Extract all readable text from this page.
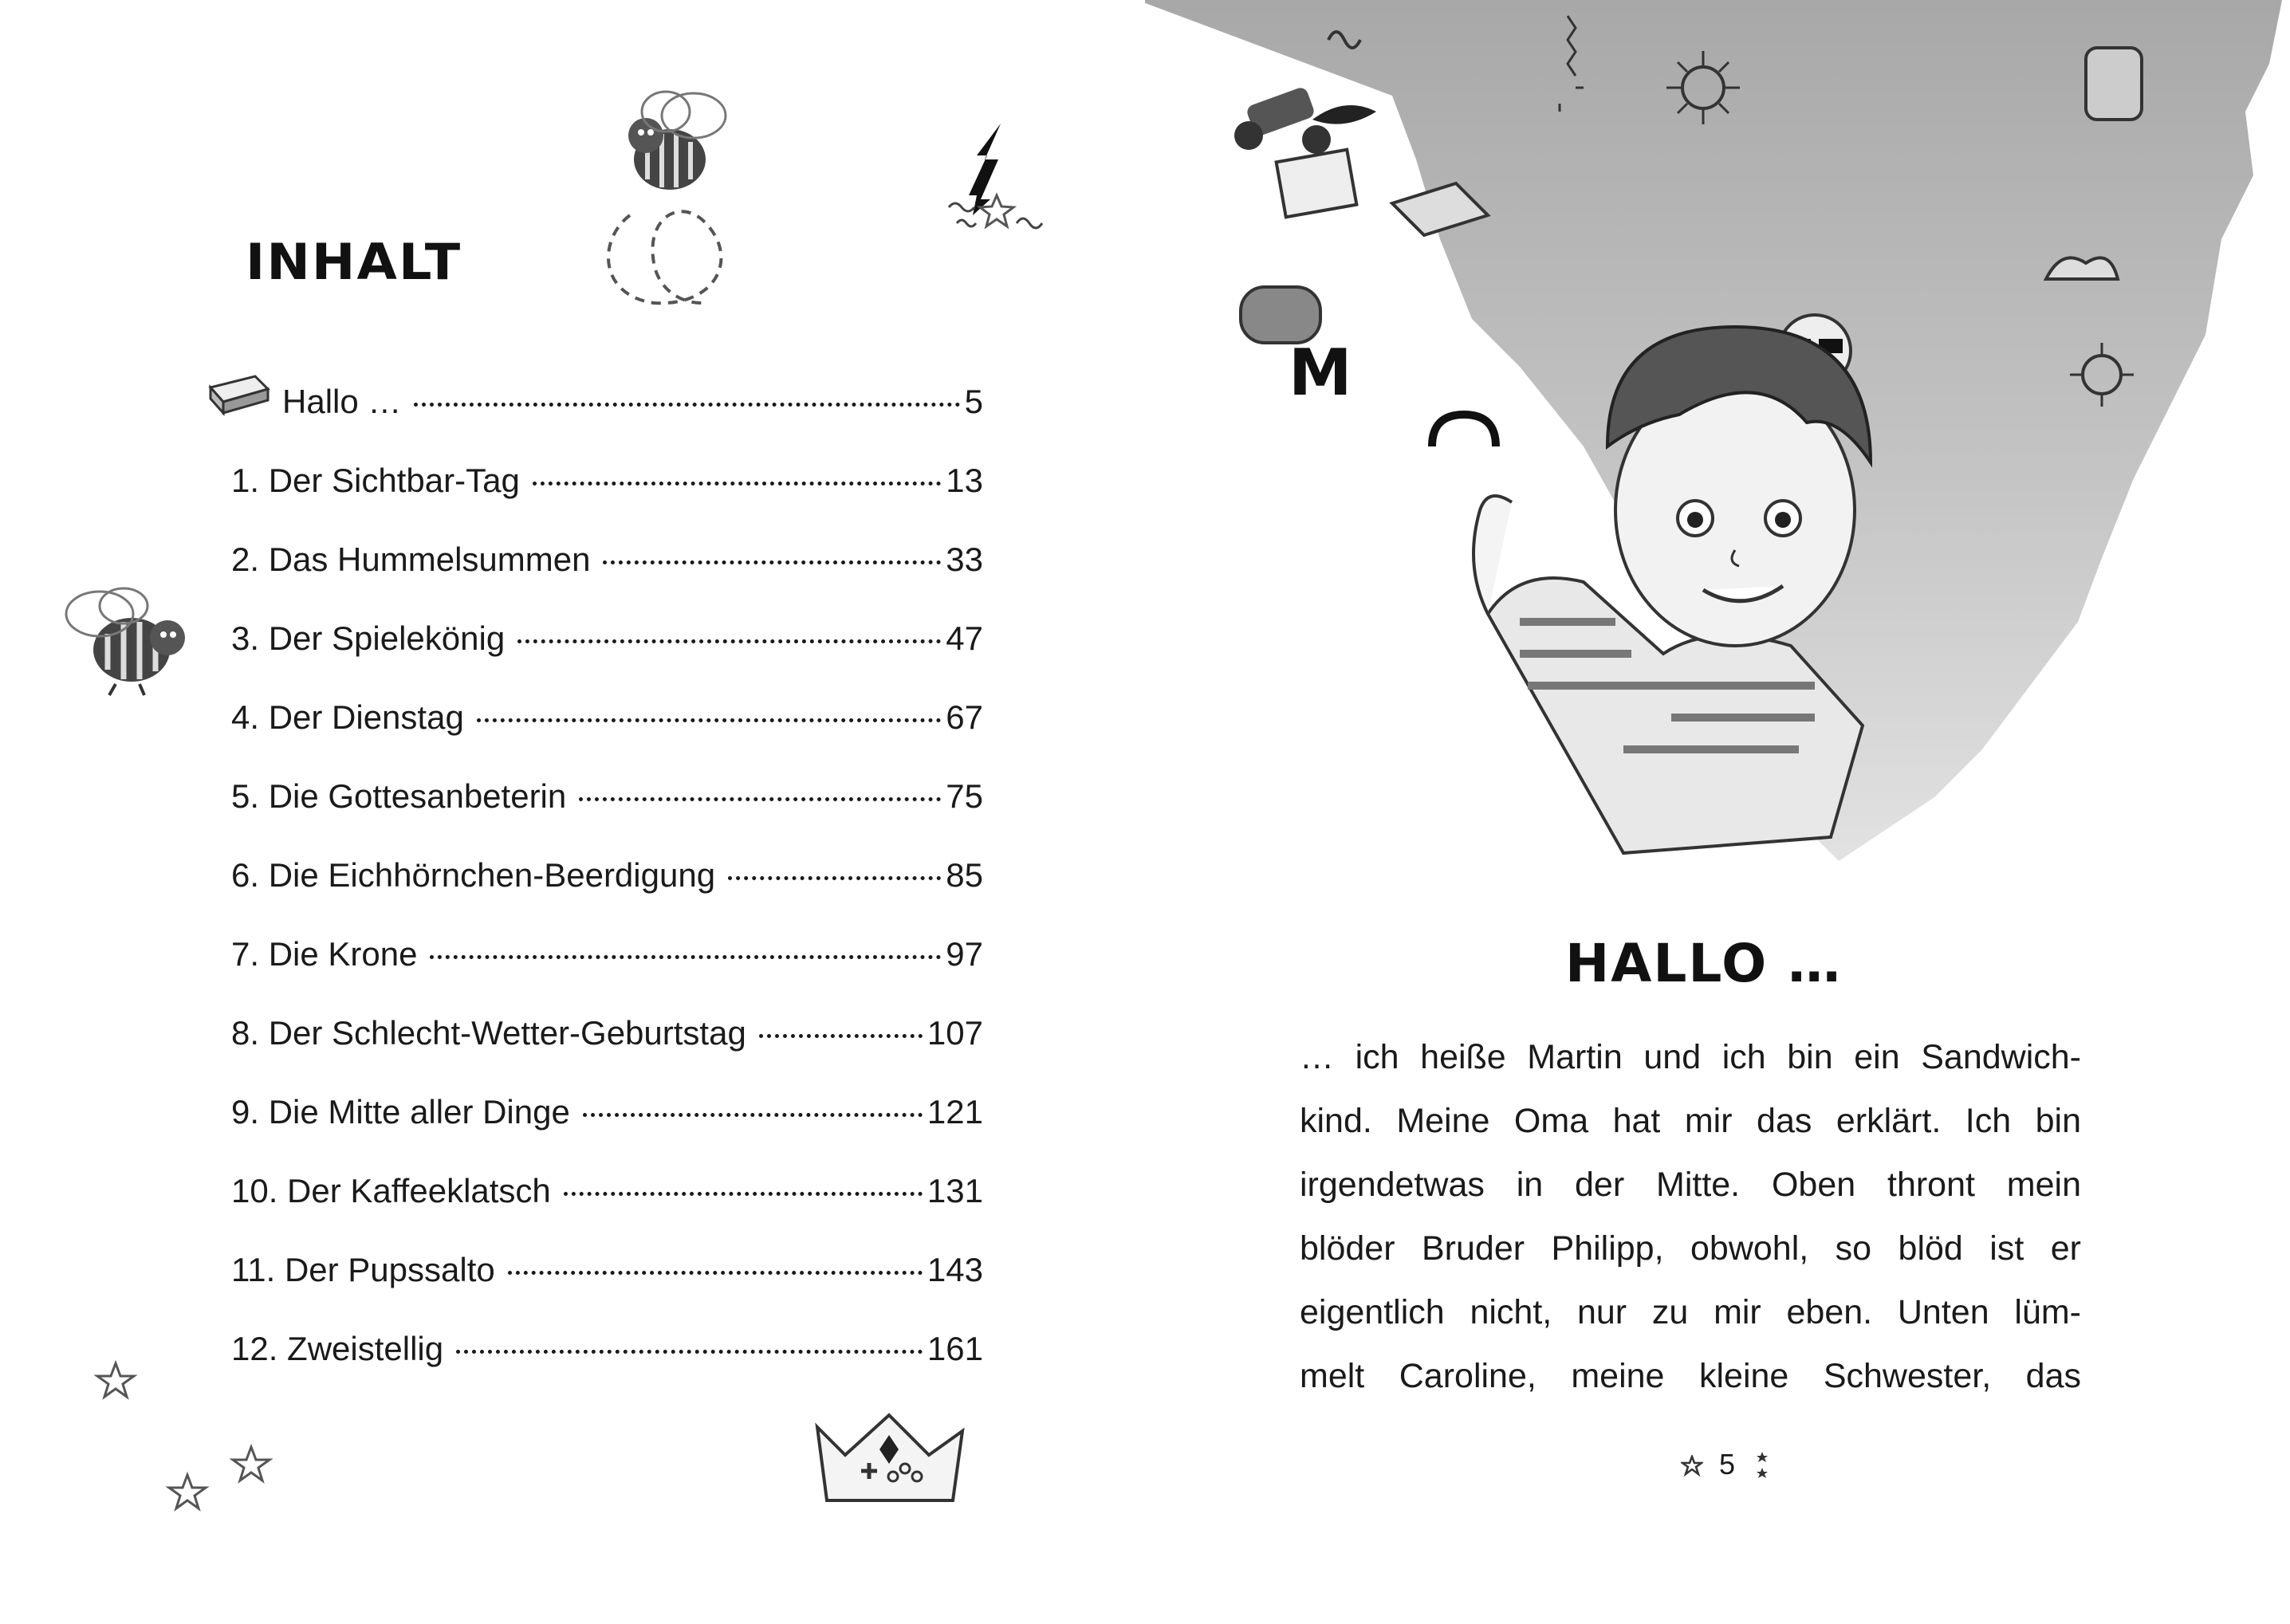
INHALT
Hallo …	5
1. Der Sichtbar-Tag	13
2. Das Hummelsummen	33
3. Der Spielekönig	47
4. Der Dienstag	67
5. Die Gottesanbeterin	75
6. Die Eichhörnchen-Beerdigung	85
7. Die Krone	97
8. Der Schlecht-Wetter-Geburtstag	107
9. Die Mitte aller Dinge	121
10. Der Kaffeeklatsch	131
11. Der Pupssalto	143
12. Zweistellig	161
M
HALLO …
… ich heiße Martin und ich bin ein Sandwich-
kind. Meine Oma hat mir das erklärt. Ich bin
irgendetwas in der Mitte. Oben thront mein
blöder Bruder Philipp, obwohl, so blöd ist er
eigentlich nicht, nur zu mir eben. Unten lüm-
melt Caroline, meine kleine Schwester, das
5
